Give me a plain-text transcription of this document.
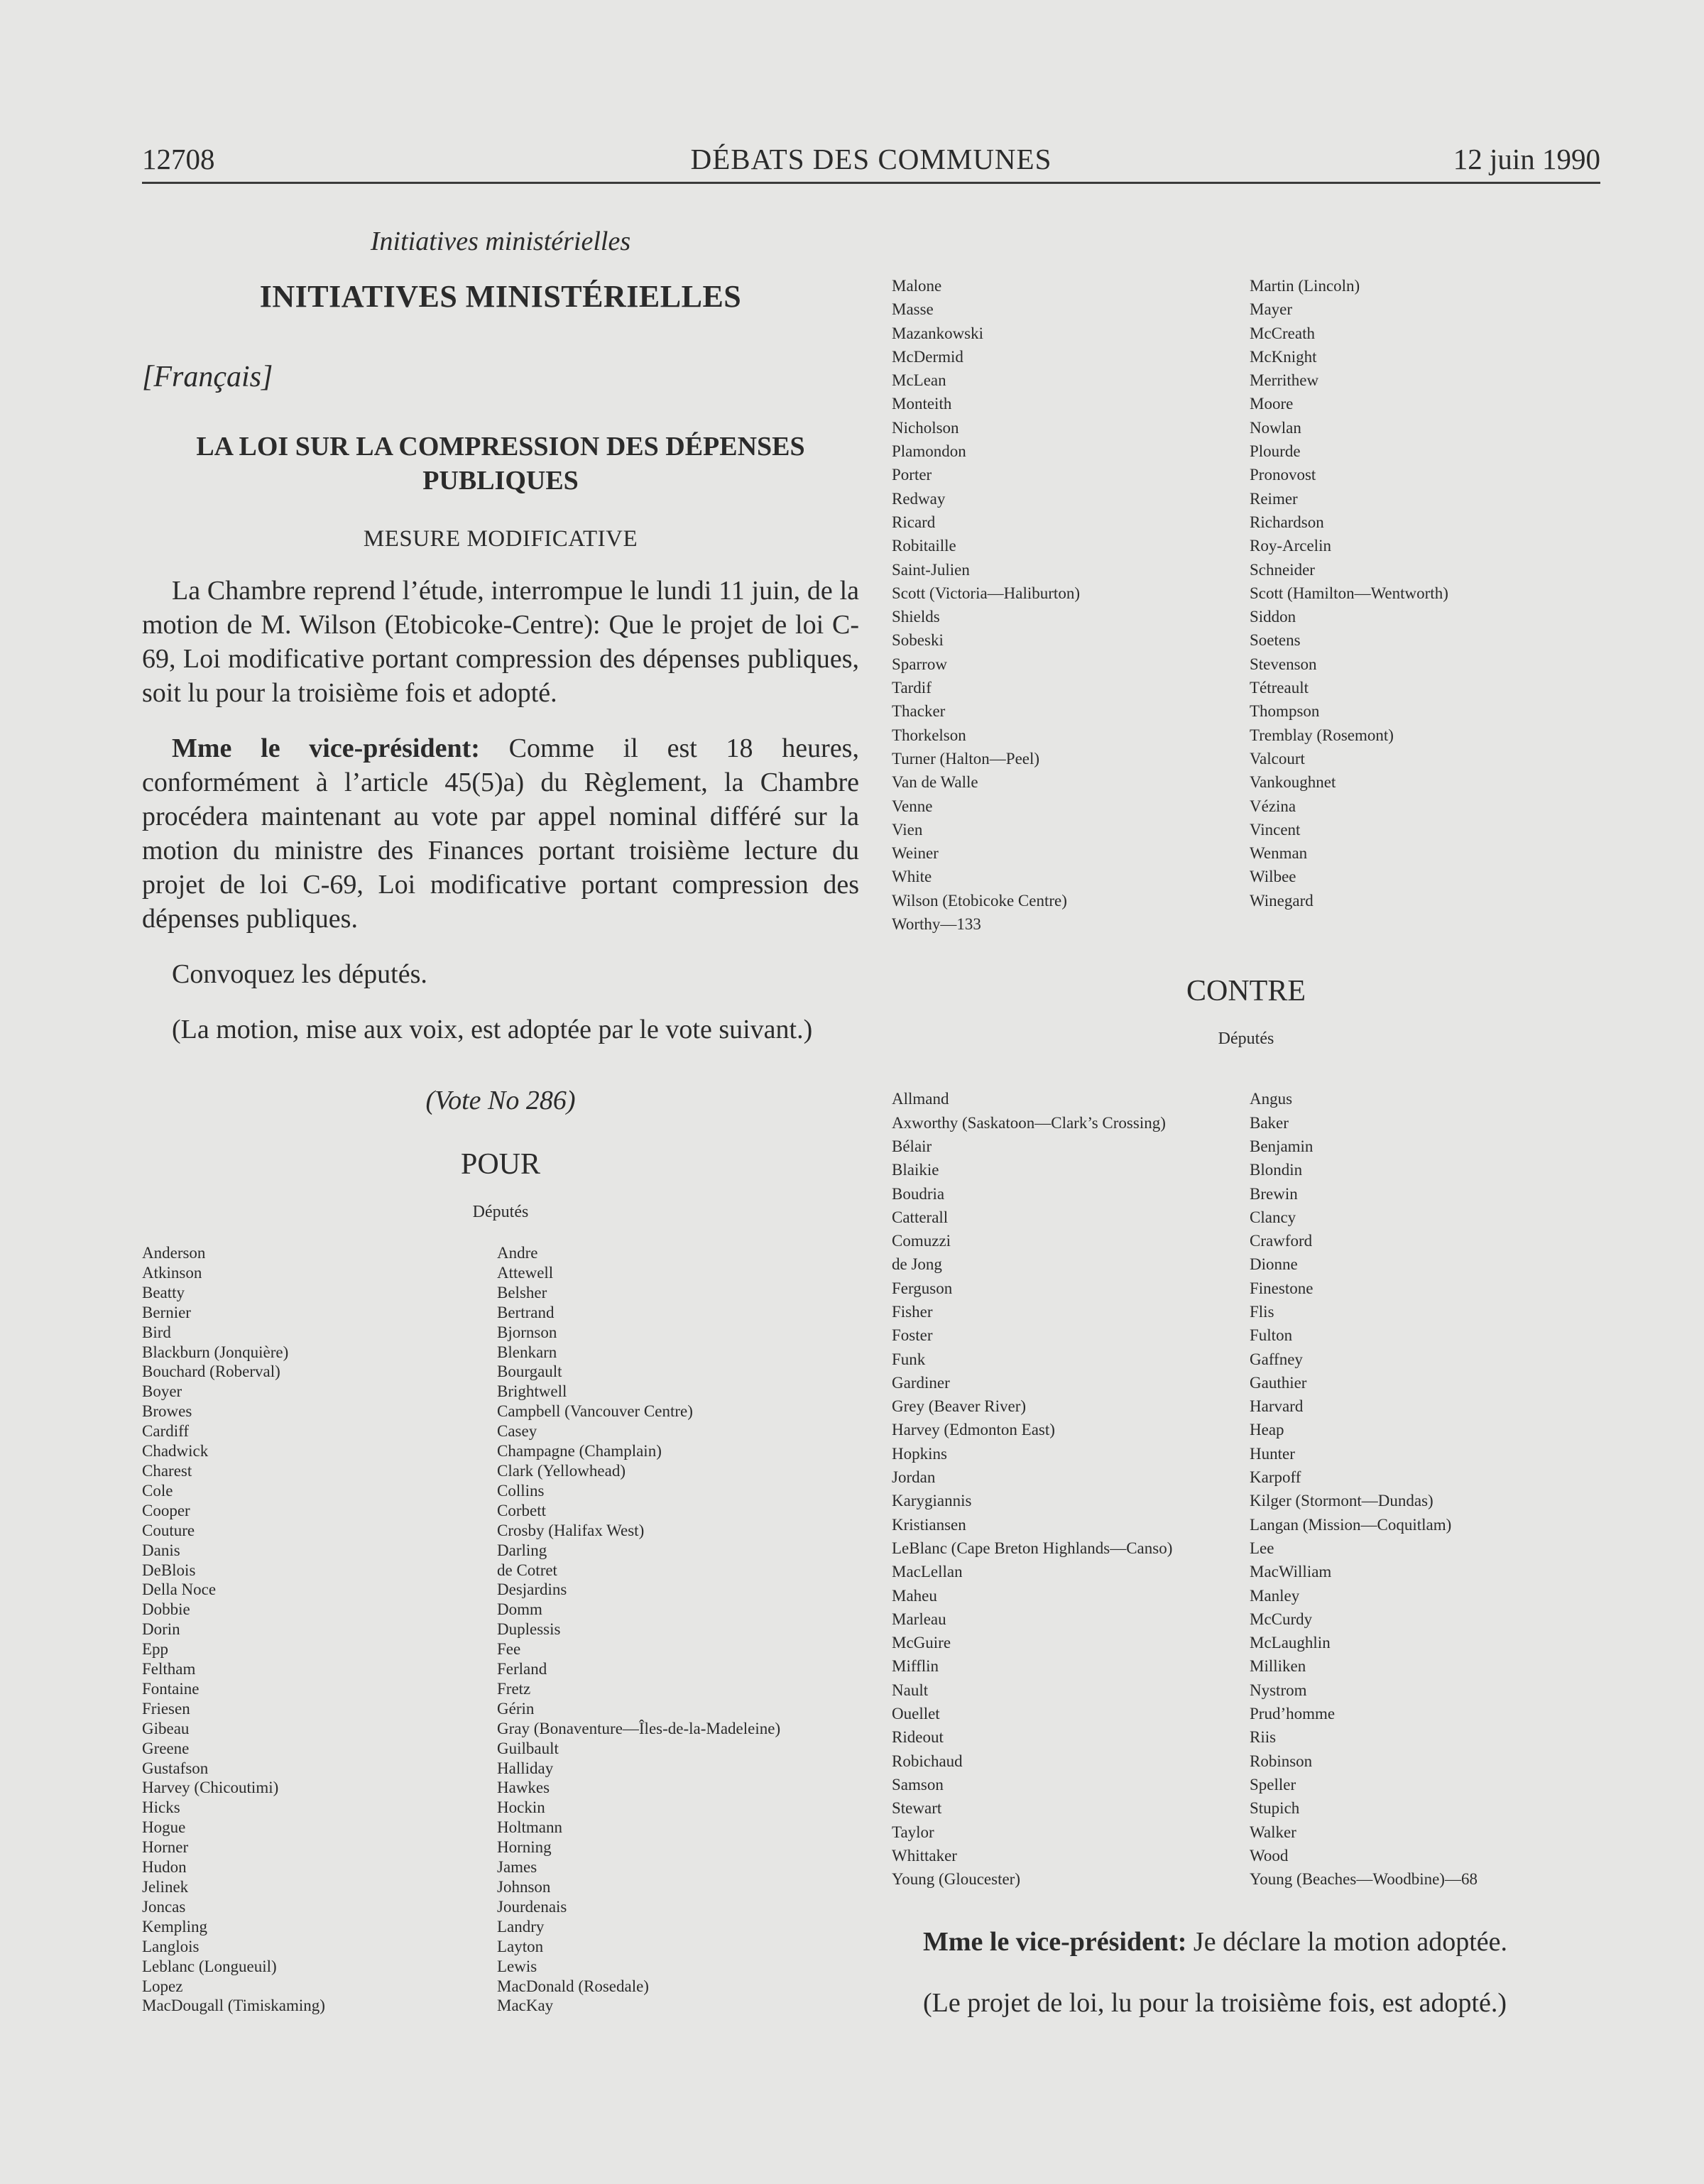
12708	DÉBATS DES COMMUNES	12 juin 1990
Initiatives ministérielles
INITIATIVES MINISTÉRIELLES
[Français]
LA LOI SUR LA COMPRESSION DES DÉPENSES PUBLIQUES
MESURE MODIFICATIVE

La Chambre reprend l’étude, interrompue le lundi 11 juin, de la motion de M. Wilson (Etobicoke-Centre): Que le projet de loi C-69, Loi modificative portant compression des dépenses publiques, soit lu pour la troisième fois et adopté.

Mme le vice-président: Comme il est 18 heures, conformément à l’article 45(5)a) du Règlement, la Chambre procédera maintenant au vote par appel nominal différé sur la motion du ministre des Finances portant troisième lecture du projet de loi C-69, Loi modificative portant compression des dépenses publiques.

Convoquez les députés.

(La motion, mise aux voix, est adoptée par le vote suivant.)

(Vote No 286)
POUR
Députés
Anderson
Atkinson
Beatty
Bernier
Bird
Blackburn (Jonquière)
Bouchard (Roberval)
Boyer
Browes
Cardiff
Chadwick
Charest
Cole
Cooper
Couture
Danis
DeBlois
Della Noce
Dobbie
Dorin
Epp
Feltham
Fontaine
Friesen
Gibeau
Greene
Gustafson
Harvey (Chicoutimi)
Hicks
Hogue
Horner
Hudon
Jelinek
Joncas
Kempling
Langlois
Leblanc (Longueuil)
Lopez
MacDougall (Timiskaming)
Andre
Attewell
Belsher
Bertrand
Bjornson
Blenkarn
Bourgault
Brightwell
Campbell (Vancouver Centre)
Casey
Champagne (Champlain)
Clark (Yellowhead)
Collins
Corbett
Crosby (Halifax West)
Darling
de Cotret
Desjardins
Domm
Duplessis
Fee
Ferland
Fretz
Gérin
Gray (Bonaventure—Îles-de-la-Madeleine)
Guilbault
Halliday
Hawkes
Hockin
Holtmann
Horning
James
Johnson
Jourdenais
Landry
Layton
Lewis
MacDonald (Rosedale)
MacKay
Malone
Masse
Mazankowski
McDermid
McLean
Monteith
Nicholson
Plamondon
Porter
Redway
Ricard
Robitaille
Saint-Julien
Scott (Victoria—Haliburton)
Shields
Sobeski
Sparrow
Tardif
Thacker
Thorkelson
Turner (Halton—Peel)
Van de Walle
Venne
Vien
Weiner
White
Wilson (Etobicoke Centre)
Worthy—133
Martin (Lincoln)
Mayer
McCreath
McKnight
Merrithew
Moore
Nowlan
Plourde
Pronovost
Reimer
Richardson
Roy-Arcelin
Schneider
Scott (Hamilton—Wentworth)
Siddon
Soetens
Stevenson
Tétreault
Thompson
Tremblay (Rosemont)
Valcourt
Vankoughnet
Vézina
Vincent
Wenman
Wilbee
Winegard
CONTRE
Députés
Allmand
Axworthy (Saskatoon—Clark’s Crossing)
Bélair
Blaikie
Boudria
Catterall
Comuzzi
de Jong
Ferguson
Fisher
Foster
Funk
Gardiner
Grey (Beaver River)
Harvey (Edmonton East)
Hopkins
Jordan
Karygiannis
Kristiansen
LeBlanc (Cape Breton Highlands—Canso)
MacLellan
Maheu
Marleau
McGuire
Mifflin
Nault
Ouellet
Rideout
Robichaud
Samson
Stewart
Taylor
Whittaker
Young (Gloucester)
Angus
Baker
Benjamin
Blondin
Brewin
Clancy
Crawford
Dionne
Finestone
Flis
Fulton
Gaffney
Gauthier
Harvard
Heap
Hunter
Karpoff
Kilger (Stormont—Dundas)
Langan (Mission—Coquitlam)
Lee
MacWilliam
Manley
McCurdy
McLaughlin
Milliken
Nystrom
Prud’homme
Riis
Robinson
Speller
Stupich
Walker
Wood
Young (Beaches—Woodbine)—68

Mme le vice-président: Je déclare la motion adoptée.

(Le projet de loi, lu pour la troisième fois, est adopté.)
